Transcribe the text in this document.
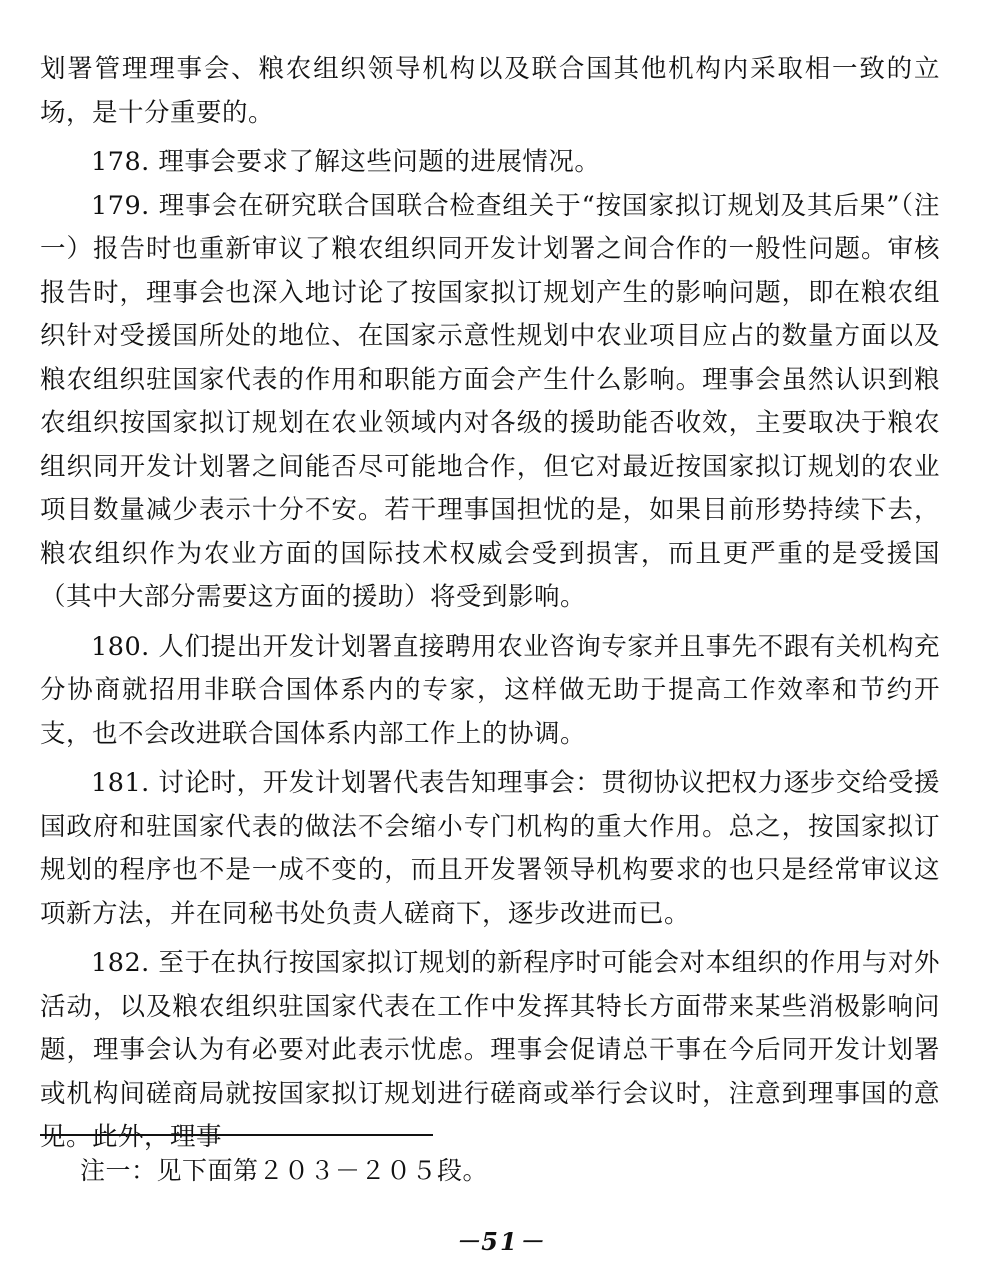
划署管理理事会、粮农组织领导机构以及联合国其他机构内采取相一致的立场，是十分重要的。

178. 理事会要求了解这些问题的进展情况。

179. 理事会在研究联合国联合检查组关于“按国家拟订规划及其后果”（注一）报告时也重新审议了粮农组织同开发计划署之间合作的一般性问题。审核报告时，理事会也深入地讨论了按国家拟订规划产生的影响问题，即在粮农组织针对受援国所处的地位、在国家示意性规划中农业项目应占的数量方面以及粮农组织驻国家代表的作用和职能方面会产生什么影响。理事会虽然认识到粮农组织按国家拟订规划在农业领域内对各级的援助能否收效，主要取决于粮农组织同开发计划署之间能否尽可能地合作，但它对最近按国家拟订规划的农业项目数量减少表示十分不安。若干理事国担忧的是，如果目前形势持续下去，粮农组织作为农业方面的国际技术权威会受到损害，而且更严重的是受援国（其中大部分需要这方面的援助）将受到影响。

180. 人们提出开发计划署直接聘用农业咨询专家并且事先不跟有关机构充分协商就招用非联合国体系内的专家，这样做无助于提高工作效率和节约开支，也不会改进联合国体系内部工作上的协调。

181. 讨论时，开发计划署代表告知理事会：贯彻协议把权力逐步交给受援国政府和驻国家代表的做法不会缩小专门机构的重大作用。总之，按国家拟订规划的程序也不是一成不变的，而且开发署领导机构要求的也只是经常审议这项新方法，并在同秘书处负责人磋商下，逐步改进而已。

182. 至于在执行按国家拟订规划的新程序时可能会对本组织的作用与对外活动，以及粮农组织驻国家代表在工作中发挥其特长方面带来某些消极影响问题，理事会认为有必要对此表示忧虑。理事会促请总干事在今后同开发计划署或机构间磋商局就按国家拟订规划进行磋商或举行会议时，注意到理事国的意见。此外，理事

注一：见下面第２０３－２０５段。
－51－
